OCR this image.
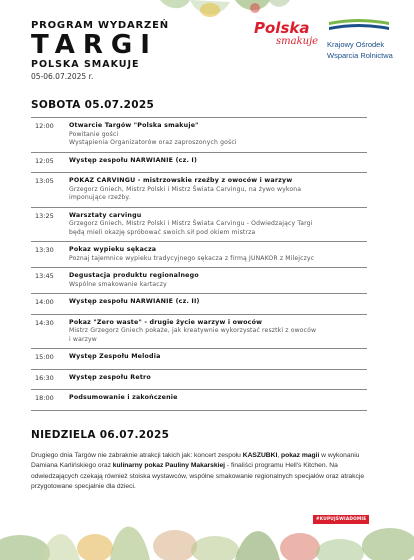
PROGRAM WYDARZEŃ
TARGI
POLSKA SMAKUJE
05-06.07.2025 r.
Polska
smakuje	Krajowy Ośrodek
Wsparcia Rolnictwa
SOBOTA 05.07.2025
12:00	Otwarcie Targów "Polska smakuje"
Powitanie gości
Wystąpienia Organizatorów oraz zaproszonych gości
12:05	Występ zespołu NARWIANIE (cz. I)
13:05	POKAZ CARVINGU - mistrzowskie rzeźby z owoców i warzyw
Grzegorz Gniech, Mistrz Polski i Mistrz Świata Carvingu, na żywo wykona
imponujące rzeźby.
13:25	Warsztaty carvingu
Grzegorz Gniech, Mistrz Polski i Mistrz Świata Carvingu - Odwiedzający Targi
będą mieli okazję spróbować swoich sił pod okiem mistrza
13:30	Pokaz wypieku sękacza
Poznaj tajemnice wypieku tradycyjnego sękacza z firmą JUNAKOR z Milejczyc
13:45	Degustacja produktu regionalnego
Wspólne smakowanie kartaczy
14:00	Występ zespołu NARWIANIE (cz. II)
14:30	Pokaz "Zero waste" - drugie życie warzyw i owoców
Mistrz Grzegorz Gniech pokaże, jak kreatywnie wykorzystać resztki z owoców
i warzyw
15:00	Występ Zespołu Melodia
16:30	Występ zespołu Retro
18:00	Podsumowanie i zakończenie
NIEDZIELA 06.07.2025
Drugiego dnia Targów nie zabraknie atrakcji takich jak: koncert zespołu KASZUBKI, pokaz magii w wykonaniu Damiana Karlińskiego oraz kulinarny pokaz Pauliny Makarskiej - finaliści programu Hell's Kitchen. Na odwiedzających czekają również stoiska wystawców, wspólne smakowanie regionalnych specjałów oraz atrakcje przygotowane specjalnie dla dzieci.
#KUPUJŚWIADOMIE
